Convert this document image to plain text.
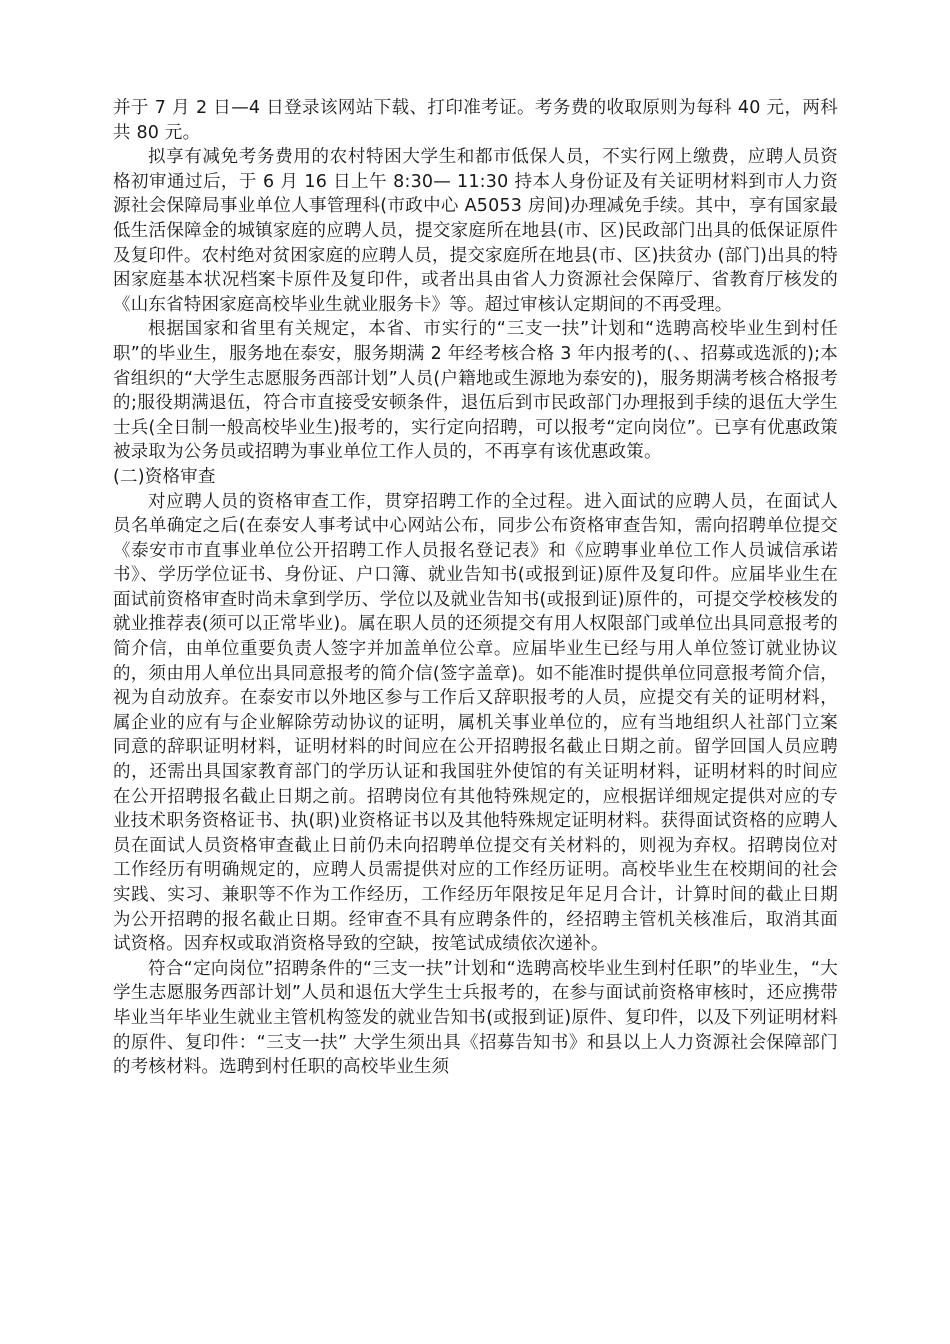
并于 7 月 2 日—4 日登录该网站下载、打印准考证。考务费的收取原则为每科 40 元，两科共 80 元。

拟享有减免考务费用的农村特困大学生和都市低保人员，不实行网上缴费，应聘人员资格初审通过后，于 6 月 16 日上午 8:30— 11:30 持本人身份证及有关证明材料到市人力资源社会保障局事业单位人事管理科(市政中心 A5053 房间)办理减免手续。其中，享有国家最低生活保障金的城镇家庭的应聘人员，提交家庭所在地县(市、区)民政部门出具的低保证原件及复印件。农村绝对贫困家庭的应聘人员，提交家庭所在地县(市、区)扶贫办 (部门)出具的特困家庭基本状况档案卡原件及复印件，或者出具由省人力资源社会保障厅、省教育厅核发的《山东省特困家庭高校毕业生就业服务卡》等。超过审核认定期间的不再受理。

根据国家和省里有关规定，本省、市实行的“三支一扶”计划和“选聘高校毕业生到村任职”的毕业生，服务地在泰安，服务期满 2 年经考核合格 3 年内报考的(、、招募或选派的);本省组织的“大学生志愿服务西部计划”人员(户籍地或生源地为泰安的)，服务期满考核合格报考的;服役期满退伍，符合市直接受安顿条件，退伍后到市民政部门办理报到手续的退伍大学生士兵(全日制一般高校毕业生)报考的，实行定向招聘，可以报考“定向岗位”。已享有优惠政策被录取为公务员或招聘为事业单位工作人员的，不再享有该优惠政策。

(二)资格审查

对应聘人员的资格审查工作，贯穿招聘工作的全过程。进入面试的应聘人员，在面试人员名单确定之后(在泰安人事考试中心网站公布，同步公布资格审查告知，需向招聘单位提交《泰安市市直事业单位公开招聘工作人员报名登记表》和《应聘事业单位工作人员诚信承诺书》、学历学位证书、身份证、户口簿、就业告知书(或报到证)原件及复印件。应届毕业生在面试前资格审查时尚未拿到学历、学位以及就业告知书(或报到证)原件的，可提交学校核发的就业推荐表(须可以正常毕业)。属在职人员的还须提交有用人权限部门或单位出具同意报考的简介信，由单位重要负责人签字并加盖单位公章。应届毕业生已经与用人单位签订就业协议的，须由用人单位出具同意报考的简介信(签字盖章)。如不能准时提供单位同意报考简介信，视为自动放弃。在泰安市以外地区参与工作后又辞职报考的人员，应提交有关的证明材料，属企业的应有与企业解除劳动协议的证明，属机关事业单位的，应有当地组织人社部门立案同意的辞职证明材料，证明材料的时间应在公开招聘报名截止日期之前。留学回国人员应聘的，还需出具国家教育部门的学历认证和我国驻外使馆的有关证明材料，证明材料的时间应在公开招聘报名截止日期之前。招聘岗位有其他特殊规定的，应根据详细规定提供对应的专业技术职务资格证书、执(职)业资格证书以及其他特殊规定证明材料。获得面试资格的应聘人员在面试人员资格审查截止日前仍未向招聘单位提交有关材料的，则视为弃权。招聘岗位对工作经历有明确规定的，应聘人员需提供对应的工作经历证明。高校毕业生在校期间的社会实践、实习、兼职等不作为工作经历，工作经历年限按足年足月合计，计算时间的截止日期为公开招聘的报名截止日期。经审查不具有应聘条件的，经招聘主管机关核准后，取消其面试资格。因弃权或取消资格导致的空缺，按笔试成绩依次递补。

符合“定向岗位”招聘条件的“三支一扶”计划和“选聘高校毕业生到村任职”的毕业生，“大学生志愿服务西部计划”人员和退伍大学生士兵报考的，在参与面试前资格审核时，还应携带毕业当年毕业生就业主管机构签发的就业告知书(或报到证)原件、复印件，以及下列证明材料的原件、复印件：“三支一扶” 大学生须出具《招募告知书》和县以上人力资源社会保障部门的考核材料。选聘到村任职的高校毕业生须
